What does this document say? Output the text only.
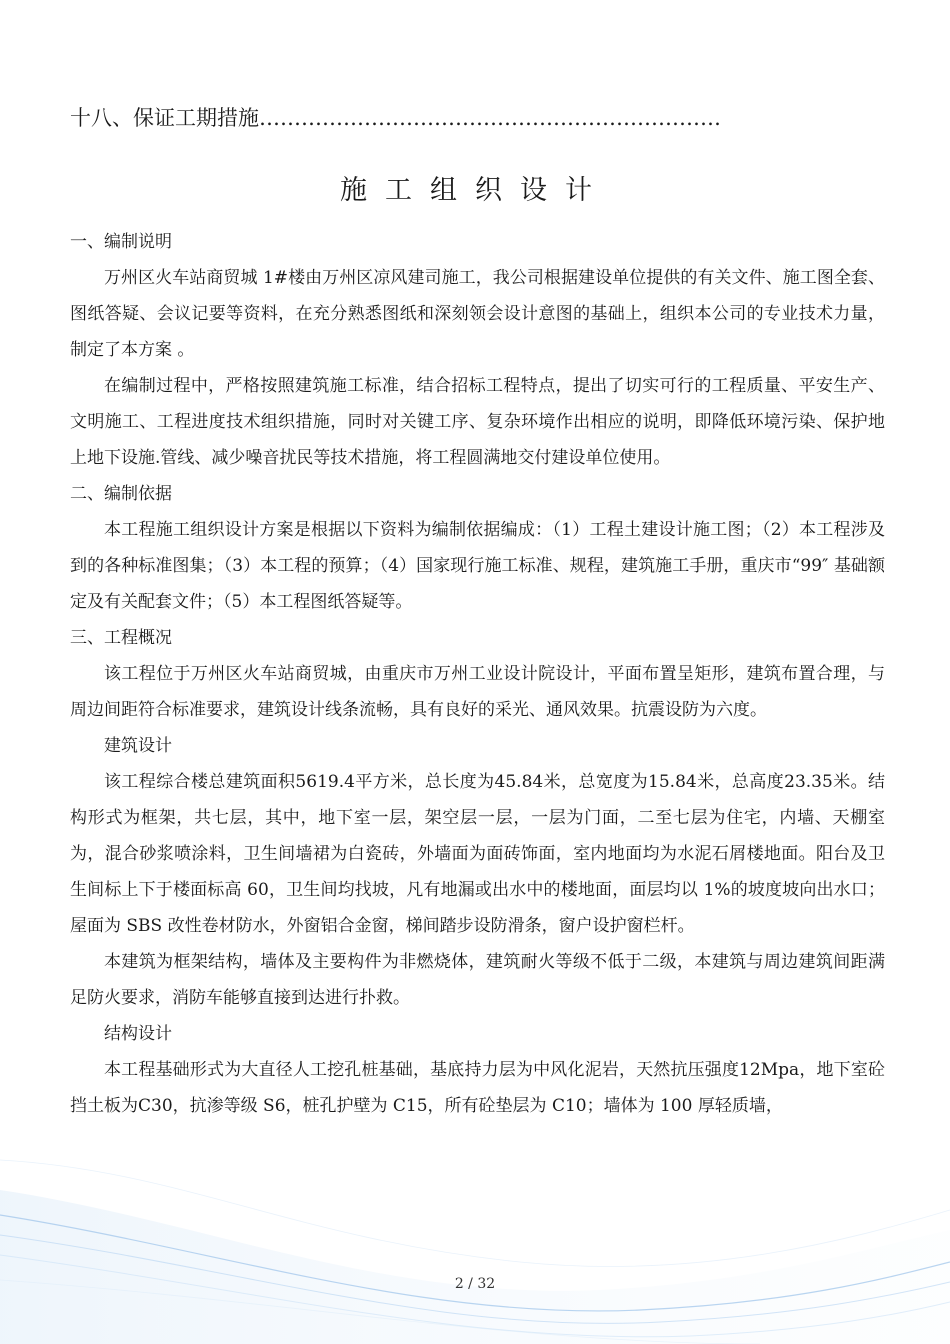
十八、保证工期措施…………………………………………………………
施工组织设计
一、编制说明

万州区火车站商贸城 1#楼由万州区凉风建司施工，我公司根据建设单位提供的有关文件、施工图全套、图纸答疑、会议记要等资料，在充分熟悉图纸和深刻领会设计意图的基础上，组织本公司的专业技术力量，制定了本方案 。

在编制过程中，严格按照建筑施工标准，结合招标工程特点，提出了切实可行的工程质量、平安生产、文明施工、工程进度技术组织措施，同时对关键工序、复杂环境作出相应的说明，即降低环境污染、保护地上地下设施.管线、减少噪音扰民等技术措施，将工程圆满地交付建设单位使用。

二、编制依据

本工程施工组织设计方案是根据以下资料为编制依据编成：（1）工程土建设计施工图；（2）本工程涉及到的各种标准图集；（3）本工程的预算；（4）国家现行施工标准、规程，建筑施工手册，重庆市“99″ 基础额定及有关配套文件；（5）本工程图纸答疑等。

三、工程概况

该工程位于万州区火车站商贸城，由重庆市万州工业设计院设计，平面布置呈矩形，建筑布置合理，与周边间距符合标准要求，建筑设计线条流畅，具有良好的采光、通风效果。抗震设防为六度。

建筑设计

该工程综合楼总建筑面积5619.4平方米，总长度为45.84米，总宽度为15.84米，总高度23.35米。结构形式为框架，共七层，其中，地下室一层，架空层一层，一层为门面，二至七层为住宅，内墙、天棚室为，混合砂浆喷涂料，卫生间墙裙为白瓷砖，外墙面为面砖饰面，室内地面均为水泥石屑楼地面。阳台及卫生间标上下于楼面标高 60，卫生间均找坡，凡有地漏或出水中的楼地面，面层均以 1%的坡度坡向出水口；屋面为 SBS 改性卷材防水，外窗铝合金窗，梯间踏步设防滑条，窗户设护窗栏杆。

本建筑为框架结构，墙体及主要构件为非燃烧体，建筑耐火等级不低于二级，本建筑与周边建筑间距满足防火要求，消防车能够直接到达进行扑救。

结构设计

本工程基础形式为大直径人工挖孔桩基础，基底持力层为中风化泥岩，天然抗压强度12Mpa，地下室砼挡土板为C30，抗渗等级 S6，桩孔护壁为 C15，所有砼垫层为 C10；墙体为 100 厚轻质墙，

2 / 32
